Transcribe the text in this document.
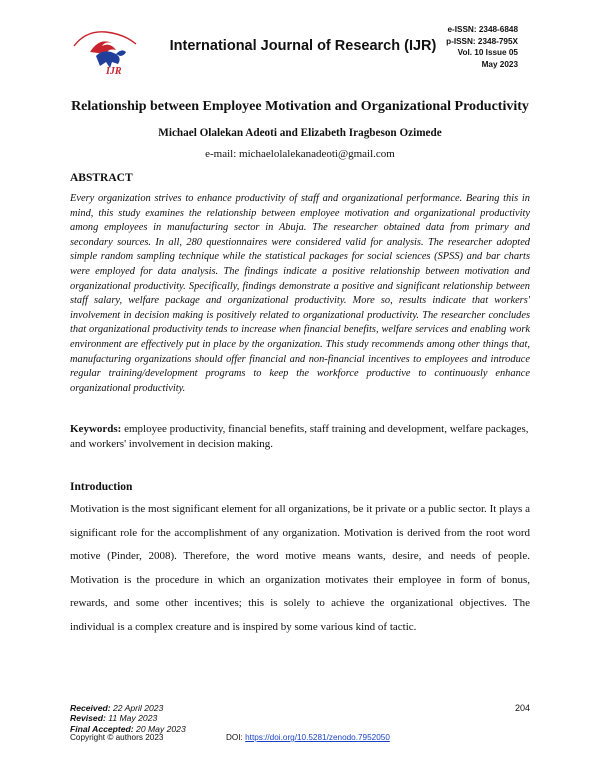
IJR
International Journal of Research (IJR)
e-ISSN: 2348-6848
p-ISSN: 2348-795X
Vol. 10 Issue 05
May 2023
Relationship between Employee Motivation and Organizational Productivity
Michael Olalekan Adeoti and Elizabeth Iragbeson Ozimede
e-mail: michaelolalekanadeoti@gmail.com
ABSTRACT

Every organization strives to enhance productivity of staff and organizational performance. Bearing this in mind, this study examines the relationship between employee motivation and organizational productivity among employees in manufacturing sector in Abuja. The researcher obtained data from primary and secondary sources. In all, 280 questionnaires were considered valid for analysis. The researcher adopted simple random sampling technique while the statistical packages for social sciences (SPSS) and bar charts were employed for data analysis. The findings indicate a positive relationship between motivation and organizational productivity. Specifically, findings demonstrate a positive and significant relationship between staff salary, welfare package and organizational productivity. More so, results indicate that workers' involvement in decision making is positively related to organizational productivity. The researcher concludes that organizational productivity tends to increase when financial benefits, welfare services and enabling work environment are effectively put in place by the organization. This study recommends among other things that, manufacturing organizations should offer financial and non-financial incentives to employees and introduce regular training/development programs to keep the workforce productive to continuously enhance organizational productivity.

Keywords: employee productivity, financial benefits, staff training and development, welfare packages, and workers' involvement in decision making.

Introduction

Motivation is the most significant element for all organizations, be it private or a public sector. It plays a significant role for the accomplishment of any organization. Motivation is derived from the root word motive (Pinder, 2008). Therefore, the word motive means wants, desire, and needs of people. Motivation is the procedure in which an organization motivates their employee in form of bonus, rewards, and some other incentives; this is solely to achieve the organizational objectives. The individual is a complex creature and is inspired by some various kind of tactic.

Received: 22 April 2023
Revised: 11 May 2023
Final Accepted: 20 May 2023
204
Copyright © authors 2023	DOI: https://doi.org/10.5281/zenodo.7952050
